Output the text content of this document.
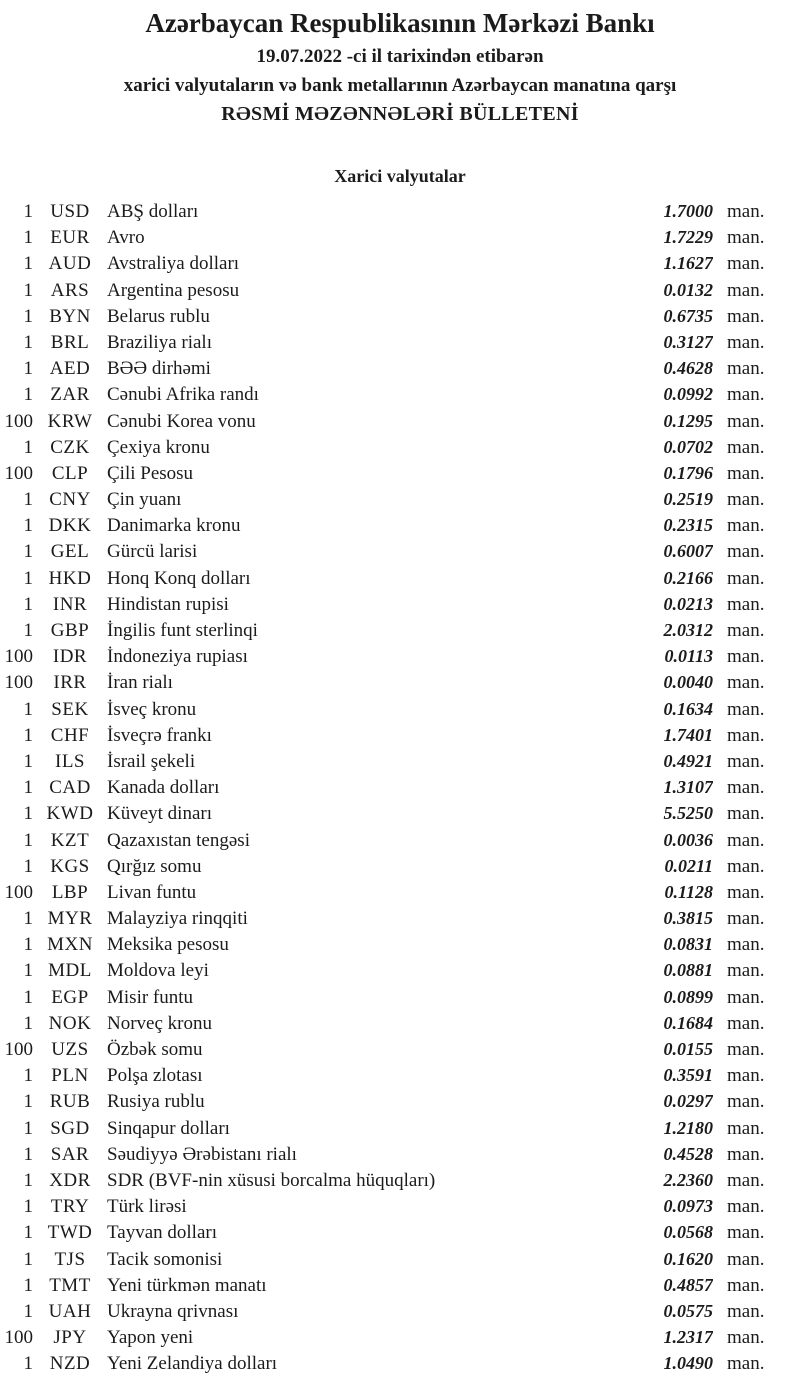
Azərbaycan Respublikasının Mərkəzi Bankı
19.07.2022 -ci il tarixindən etibarən
xarici valyutaların və bank metallarının Azərbaycan manatına qarşı
RƏSMİ MƏZƏNNƏLƏRİ BÜLLETENİ
Xarici valyutalar
1 USD ABŞ dolları	1.7000 man.
1 EUR Avro	1.7229 man.
1 AUD Avstraliya dolları	1.1627 man.
1 ARS Argentina pesosu	0.0132 man.
1 BYN Belarus rublu	0.6735 man.
1 BRL Braziliya rialı	0.3127 man.
1 AED BƏƏ dirhəmi	0.4628 man.
1 ZAR Cənubi Afrika randı	0.0992 man.
100 KRW Cənubi Korea vonu	0.1295 man.
1 CZK Çexiya kronu	0.0702 man.
100 CLP Çili Pesosu	0.1796 man.
1 CNY Çin yuanı	0.2519 man.
1 DKK Danimarka kronu	0.2315 man.
1 GEL Gürcü larisi	0.6007 man.
1 HKD Honq Konq dolları	0.2166 man.
1	INR	Hindistan rupisi	0.0213 man.
1 GBP İngilis funt sterlinqi	2.0312 man.
100	IDR	İndoneziya rupiası	0.0113 man.
100	IRR	İran rialı	0.0040 man.
1 SEK İsveç kronu	0.1634 man.
1 CHF İsveçrə frankı	1.7401 man.
1	ILS	İsrail şekeli	0.4921 man.
1 CAD Kanada dolları	1.3107 man.
1 KWD Küveyt dinarı	5.5250 man.
1 KZT Qazaxıstan tengəsi	0.0036 man.
1 KGS Qırğız somu	0.0211 man.
100 LBP Livan funtu	0.1128 man.
1 MYR Malayziya rinqqiti	0.3815 man.
1 MXN Meksika pesosu	0.0831 man.
1 MDL Moldova leyi	0.0881 man.
1 EGP Misir funtu	0.0899 man.
1 NOK Norveç kronu	0.1684 man.
100 UZS Özbək somu	0.0155 man.
1 PLN Polşa zlotası	0.3591 man.
1 RUB Rusiya rublu	0.0297 man.
1 SGD Sinqapur dolları	1.2180 man.
1 SAR Səudiyyə Ərəbistanı rialı	0.4528 man.
1 XDR SDR (BVF-nin xüsusi borcalma hüquqları)	2.2360 man.
1 TRY Türk lirəsi	0.0973 man.
1 TWD Tayvan dolları	0.0568 man.
1	TJS	Tacik somonisi	0.1620 man.
1 TMT Yeni türkmən manatı	0.4857 man.
1 UAH Ukrayna qrivnası	0.0575 man.
100	JPY	Yapon yeni	1.2317 man.
1 NZD Yeni Zelandiya dolları	1.0490 man.
